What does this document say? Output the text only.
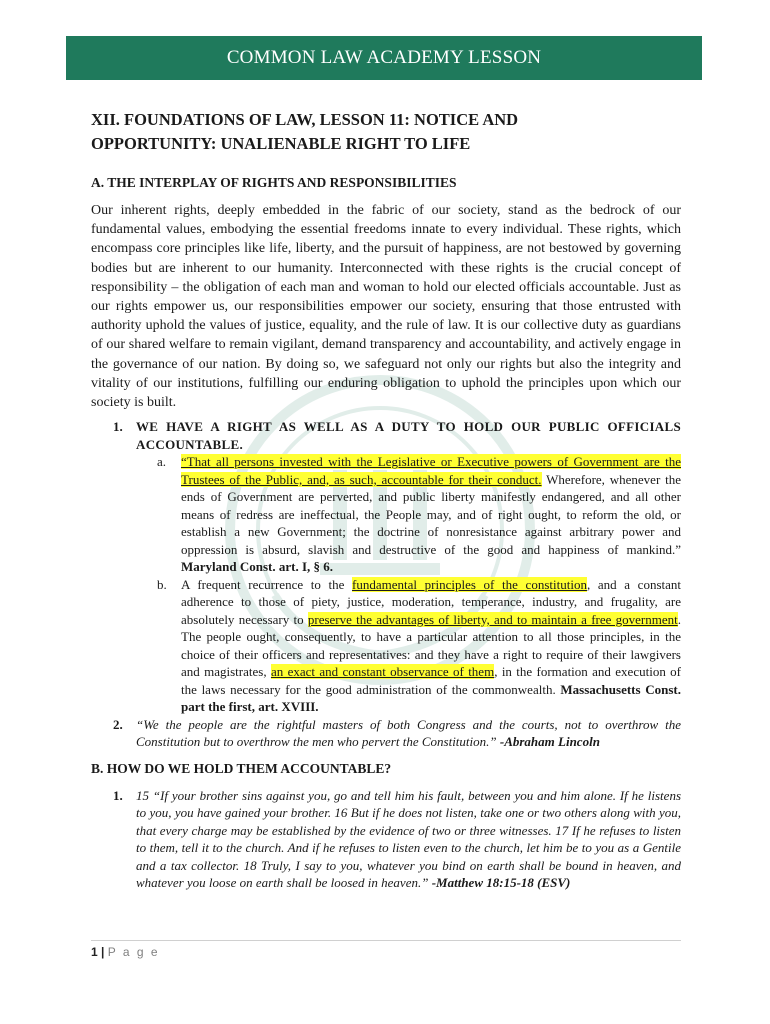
COMMON LAW ACADEMY LESSON
XII. FOUNDATIONS OF LAW, LESSON 11: NOTICE AND
OPPORTUNITY: UNALIENABLE RIGHT TO LIFE
A. THE INTERPLAY OF RIGHTS AND RESPONSIBILITIES

Our inherent rights, deeply embedded in the fabric of our society, stand as the bedrock of our fundamental values, embodying the essential freedoms innate to every individual. These rights, which encompass core principles like life, liberty, and the pursuit of happiness, are not bestowed by governing bodies but are inherent to our humanity. Interconnected with these rights is the crucial concept of responsibility – the obligation of each man and woman to hold our elected officials accountable. Just as our rights empower us, our responsibilities empower our society, ensuring that those entrusted with authority uphold the values of justice, equality, and the rule of law. It is our collective duty as guardians of our shared welfare to remain vigilant, demand transparency and accountability, and actively engage in the governance of our nation. By doing so, we safeguard not only our rights but also the integrity and vitality of our institutions, fulfilling our enduring obligation to uphold the principles upon which our society is built.

1. WE HAVE A RIGHT AS WELL AS A DUTY TO HOLD OUR PUBLIC OFFICIALS ACCOUNTABLE.
a. “That all persons invested with the Legislative or Executive powers of Government are the Trustees of the Public, and, as such, accountable for their conduct. Wherefore, whenever the ends of Government are perverted, and public liberty manifestly endangered, and all other means of redress are ineffectual, the People may, and of right ought, to reform the old, or establish a new Government; the doctrine of nonresistance against arbitrary power and oppression is absurd, slavish and destructive of the good and happiness of mankind.” Maryland Const. art. I, § 6.
b. A frequent recurrence to the fundamental principles of the constitution, and a constant adherence to those of piety, justice, moderation, temperance, industry, and frugality, are absolutely necessary to preserve the advantages of liberty, and to maintain a free government. The people ought, consequently, to have a particular attention to all those principles, in the choice of their officers and representatives: and they have a right to require of their lawgivers and magistrates, an exact and constant observance of them, in the formation and execution of the laws necessary for the good administration of the commonwealth. Massachusetts Const. part the first, art. XVIII.
2. “We the people are the rightful masters of both Congress and the courts, not to overthrow the Constitution but to overthrow the men who pervert the Constitution.” -Abraham Lincoln
B. HOW DO WE HOLD THEM ACCOUNTABLE?
1. 15 “If your brother sins against you, go and tell him his fault, between you and him alone. If he listens to you, you have gained your brother. 16 But if he does not listen, take one or two others along with you, that every charge may be established by the evidence of two or three witnesses. 17 If he refuses to listen to them, tell it to the church. And if he refuses to listen even to the church, let him be to you as a Gentile and a tax collector. 18 Truly, I say to you, whatever you bind on earth shall be bound in heaven, and whatever you loose on earth shall be loosed in heaven.” -Matthew 18:15-18 (ESV)
1 | P a g e
